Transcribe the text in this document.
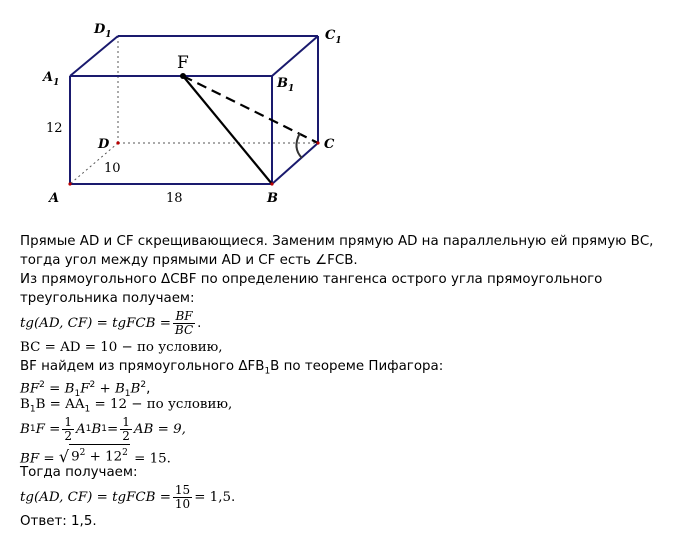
A	B
C
D
$A_1$	$B_1$
$C_1$
$D_1$
F
12
10
18
Прямые AD и CF скрещивающиеся. Заменим прямую AD на параллельную ей прямую ВС,
тогда угол между прямыми AD и CF есть ∠FCB.
Из прямоугольного ΔCBF по определению тангенса острого угла прямоугольного
треугольника получаем:
tg(AD, CF) = tgFCB = $\frac{BF}{BC}$ .
BC = AD = 10 − по условию,
BF найдем из прямоугольного $\Delta FB_1B$ по теореме Пифагора:
$BF^2 = B_1F^2 + B_1B^2$,
$B_1B = AA_1 = 12$ − по условию,
B 1 $F = \frac{1}{2}$ A 1 B $1 = \frac{1}{2}$ AB = 9,
BF = √ $9^2 + 12^2 = 15$.
Тогда получаем:
tg(AD, CF) = tgFCB = $\frac{15}{10} = 1,5$.
Ответ: 1,5.
